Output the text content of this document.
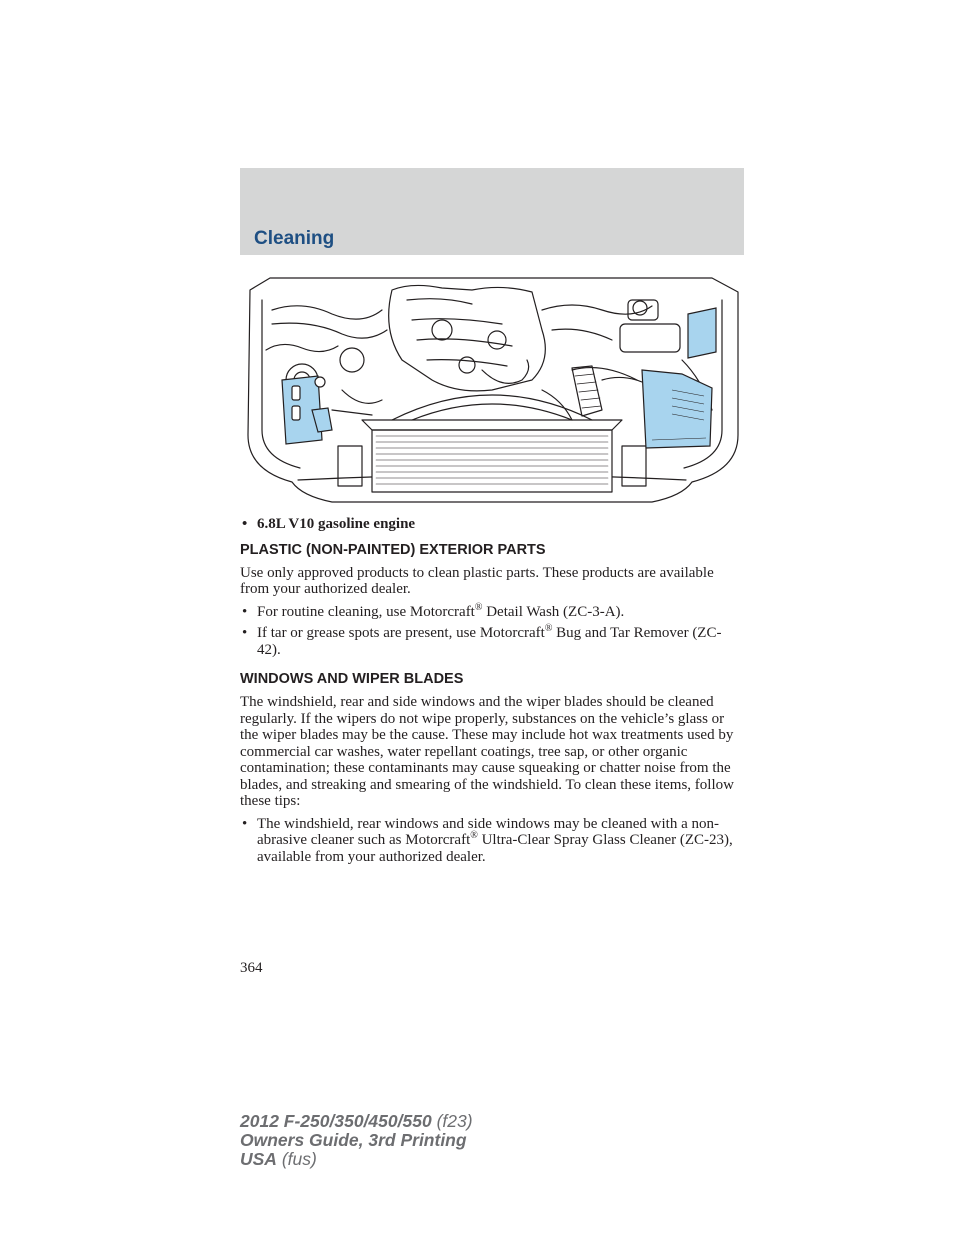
Cleaning

• 6.8L V10 gasoline engine

PLASTIC (NON-PAINTED) EXTERIOR PARTS

Use only approved products to clean plastic parts. These products are available from your authorized dealer.

• For routine cleaning, use Motorcraft® Detail Wash (ZC-3-A).

• If tar or grease spots are present, use Motorcraft® Bug and Tar Remover (ZC-42).

WINDOWS AND WIPER BLADES

The windshield, rear and side windows and the wiper blades should be cleaned regularly. If the wipers do not wipe properly, substances on the vehicle’s glass or the wiper blades may be the cause. These may include hot wax treatments used by commercial car washes, water repellant coatings, tree sap, or other organic contamination; these contaminants may cause squeaking or chatter noise from the blades, and streaking and smearing of the windshield. To clean these items, follow these tips:

• The windshield, rear windows and side windows may be cleaned with a non-abrasive cleaner such as Motorcraft® Ultra-Clear Spray Glass Cleaner (ZC-23), available from your authorized dealer.

364
2012 F-250/350/450/550 (f23)
Owners Guide, 3rd Printing
USA (fus)
